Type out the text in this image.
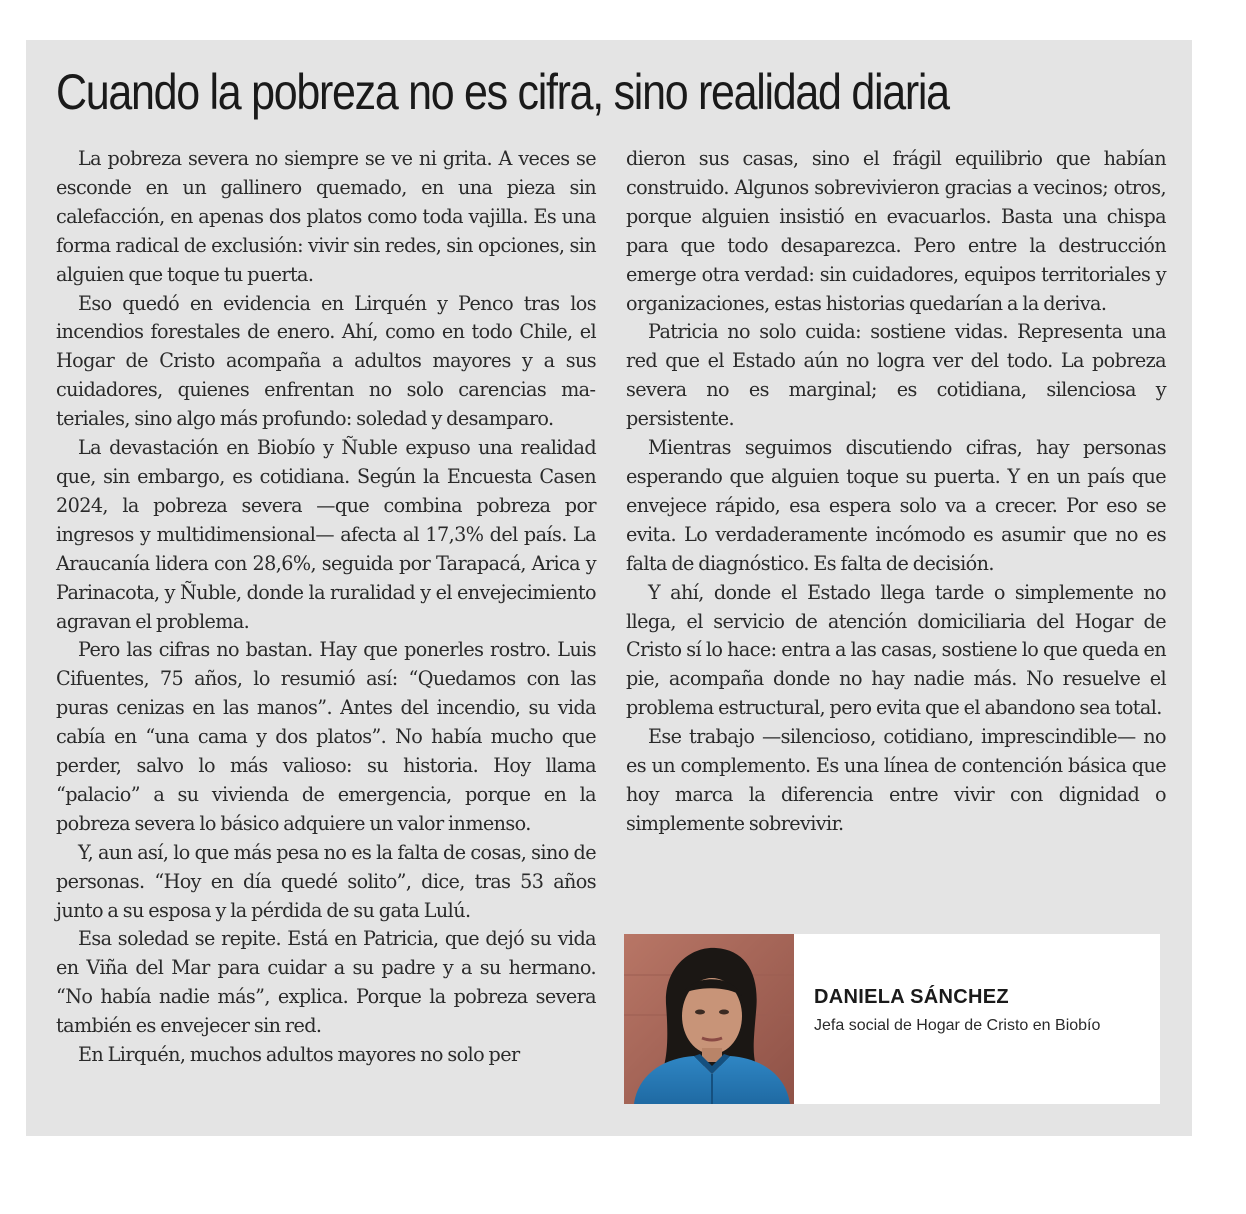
Cuando la pobreza no es cifra, sino realidad diaria

La pobreza severa no siempre se ve ni grita. A veces se esconde en un gallinero quemado, en una pieza sin calefacción, en apenas dos platos como toda vajilla. Es una forma radical de exclusión: vivir sin redes, sin opciones, sin alguien que toque tu puerta.

Eso quedó en evidencia en Lirquén y Penco tras los incendios forestales de enero. Ahí, como en todo Chile, el Hogar de Cristo acompaña a adultos mayores y a sus cuidadores, quienes enfrentan no solo carencias materiales, sino algo más profundo: soledad y desamparo.

La devastación en Biobío y Ñuble expuso una realidad que, sin embargo, es cotidiana. Según la Encuesta Casen 2024, la pobreza severa —que combina pobreza por ingresos y multidimensional— afecta al 17,3% del país. La Araucanía lidera con 28,6%, seguida por Tarapacá, Arica y Parinacota, y Ñuble, donde la ruralidad y el envejecimiento agravan el problema.

Pero las cifras no bastan. Hay que ponerles rostro. Luis Cifuentes, 75 años, lo resumió así: “Quedamos con las puras cenizas en las manos”. Antes del incendio, su vida cabía en “una cama y dos platos”. No había mucho que perder, salvo lo más valioso: su historia. Hoy llama “palacio” a su vivienda de emergencia, porque en la pobreza severa lo básico adquiere un valor inmenso.

Y, aun así, lo que más pesa no es la falta de cosas, sino de personas. “Hoy en día quedé solito”, dice, tras 53 años junto a su esposa y la pérdida de su gata Lulú.

Esa soledad se repite. Está en Patricia, que dejó su vida en Viña del Mar para cuidar a su padre y a su hermano. “No había nadie más”, explica. Porque la pobreza severa también es envejecer sin red.

En Lirquén, muchos adultos mayores no solo per

dieron sus casas, sino el frágil equilibrio que habían construido. Algunos sobrevivieron gracias a vecinos; otros, porque alguien insistió en evacuarlos. Basta una chispa para que todo desaparezca. Pero entre la destrucción emerge otra verdad: sin cuidadores, equipos territoriales y organizaciones, estas historias quedarían a la deriva.

Patricia no solo cuida: sostiene vidas. Representa una red que el Estado aún no logra ver del todo. La pobreza severa no es marginal; es cotidiana, silenciosa y persistente.

Mientras seguimos discutiendo cifras, hay personas esperando que alguien toque su puerta. Y en un país que envejece rápido, esa espera solo va a crecer. Por eso se evita. Lo verdaderamente incómodo es asumir que no es falta de diagnóstico. Es falta de decisión.

Y ahí, donde el Estado llega tarde o simplemente no llega, el servicio de atención domiciliaria del Hogar de Cristo sí lo hace: entra a las casas, sostiene lo que queda en pie, acompaña donde no hay nadie más. No resuelve el problema estructural, pero evita que el abandono sea total.

Ese trabajo —silencioso, cotidiano, imprescindible— no es un complemento. Es una línea de contención básica que hoy marca la diferencia entre vivir con dignidad o simplemente sobrevivir.

DANIELA SÁNCHEZ
Jefa social de Hogar de Cristo en Biobío
